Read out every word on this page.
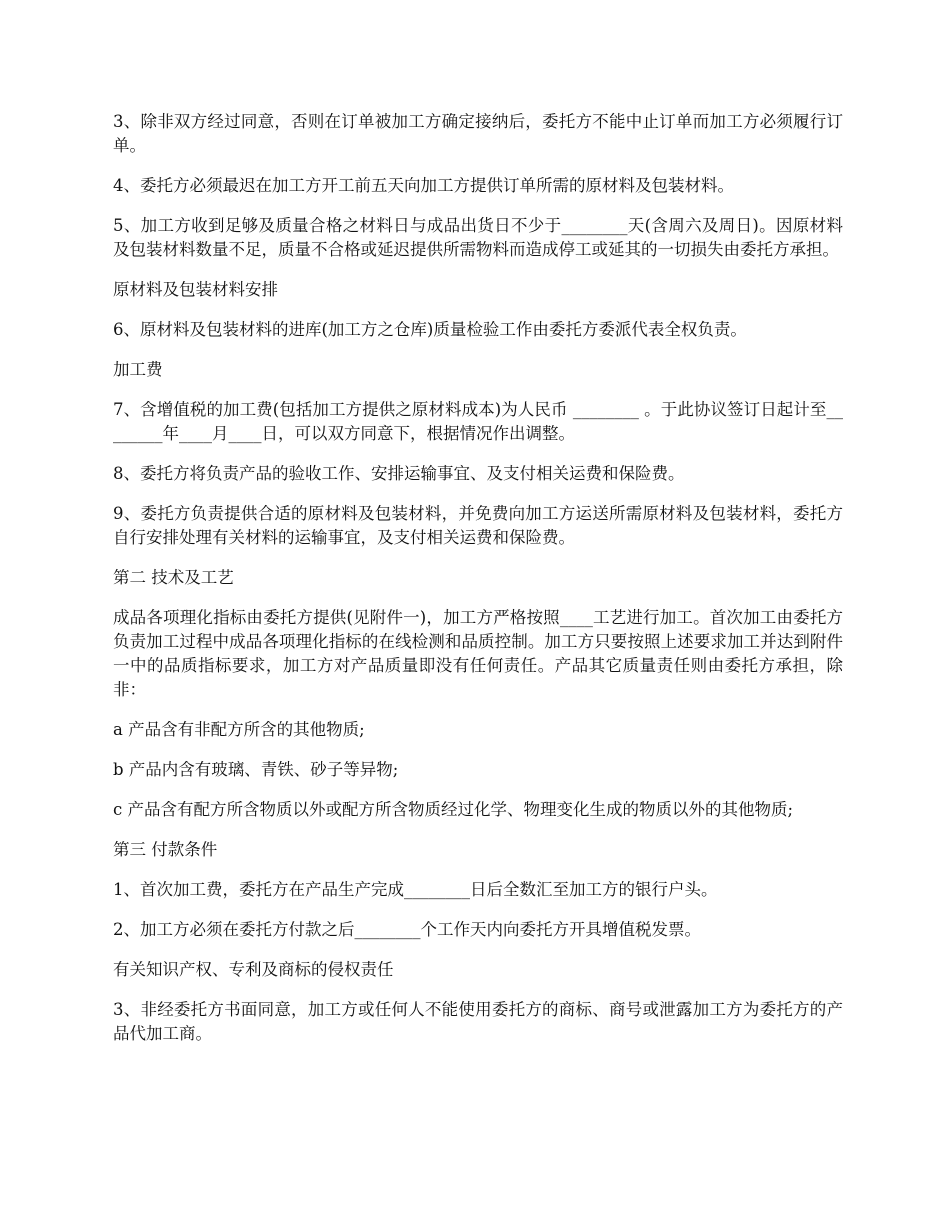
3、除非双方经过同意，否则在订单被加工方确定接纳后，委托方不能中止订单而加工方必须履行订单。

4、委托方必须最迟在加工方开工前五天向加工方提供订单所需的原材料及包装材料。

5、加工方收到足够及质量合格之材料日与成品出货日不少于________天(含周六及周日)。因原材料及包装材料数量不足，质量不合格或延迟提供所需物料而造成停工或延其的一切损失由委托方承担。

原材料及包装材料安排

6、原材料及包装材料的进库(加工方之仓库)质量检验工作由委托方委派代表全权负责。

加工费

7、含增值税的加工费(包括加工方提供之原材料成本)为人民币 ________ 。于此协议签订日起计至________年____月____日，可以双方同意下，根据情况作出调整。

8、委托方将负责产品的验收工作、安排运输事宜、及支付相关运费和保险费。

9、委托方负责提供合适的原材料及包装材料，并免费向加工方运送所需原材料及包装材料，委托方自行安排处理有关材料的运输事宜，及支付相关运费和保险费。

第二 技术及工艺

成品各项理化指标由委托方提供(见附件一)，加工方严格按照____工艺进行加工。首次加工由委托方负责加工过程中成品各项理化指标的在线检测和品质控制。加工方只要按照上述要求加工并达到附件一中的品质指标要求，加工方对产品质量即没有任何责任。产品其它质量责任则由委托方承担，除非：

a 产品含有非配方所含的其他物质;

b 产品内含有玻璃、青铁、砂子等异物;

c 产品含有配方所含物质以外或配方所含物质经过化学、物理变化生成的物质以外的其他物质;

第三 付款条件

1、首次加工费，委托方在产品生产完成________日后全数汇至加工方的银行户头。

2、加工方必须在委托方付款之后________个工作天内向委托方开具增值税发票。

有关知识产权、专利及商标的侵权责任

3、非经委托方书面同意，加工方或任何人不能使用委托方的商标、商号或泄露加工方为委托方的产品代加工商。
